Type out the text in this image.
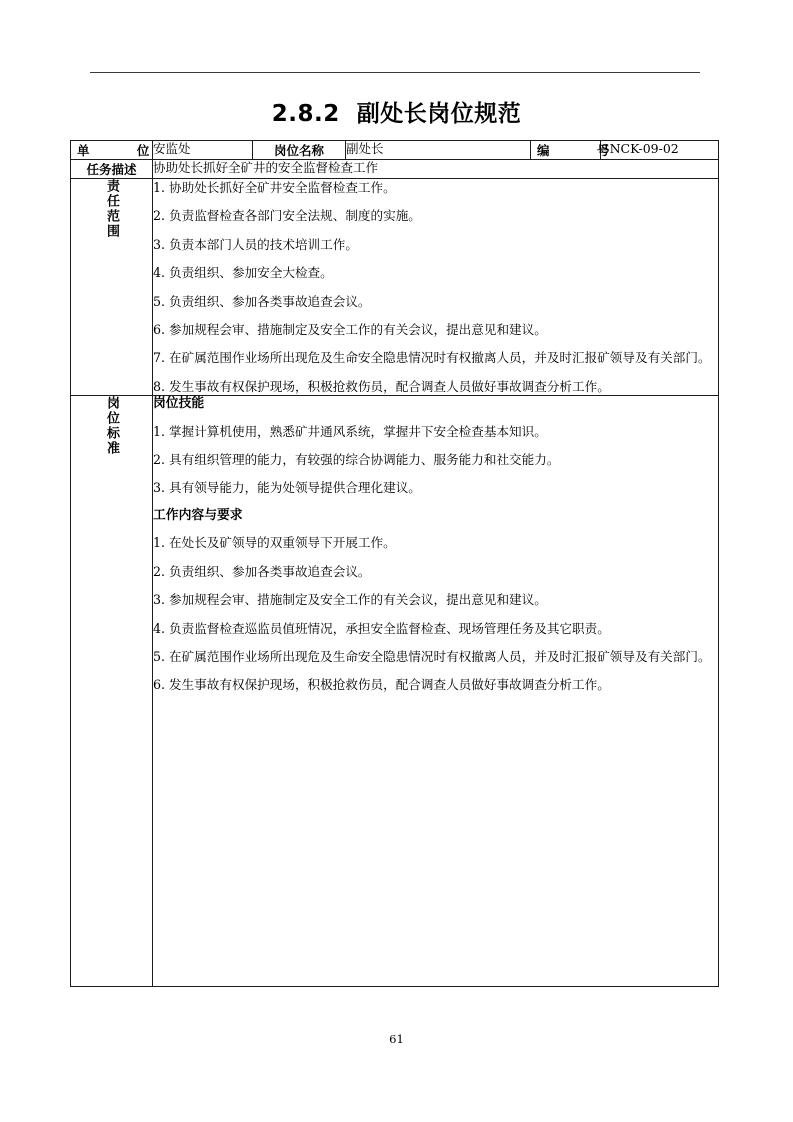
2.8.2  副处长岗位规范
单    位	安监处	岗位名称	副处长	编    号	SNCK-09-02
任务描述	协助处长抓好全矿井的安全监督检查工作				
责任范围	1. 协助处长抓好全矿井安全监督检查工作。

2. 负责监督检查各部门安全法规、制度的实施。

3. 负责本部门人员的技术培训工作。

4. 负责组织、参加安全大检查。

5. 负责组织、参加各类事故追查会议。

6. 参加规程会审、措施制定及安全工作的有关会议，提出意见和建议。

7. 在矿属范围作业场所出现危及生命安全隐患情况时有权撤离人员，并及时汇报矿领导及有关部门。

8. 发生事故有权保护现场，积极抢救伤员，配合调查人员做好事故调查分析工作。

岗位标准	岗位技能

1. 掌握计算机使用，熟悉矿井通风系统，掌握井下安全检查基本知识。

2. 具有组织管理的能力，有较强的综合协调能力、服务能力和社交能力。

3. 具有领导能力，能为处领导提供合理化建议。

工作内容与要求

1. 在处长及矿领导的双重领导下开展工作。

2. 负责组织、参加各类事故追查会议。

3. 参加规程会审、措施制定及安全工作的有关会议，提出意见和建议。

4. 负责监督检查巡监员值班情况，承担安全监督检查、现场管理任务及其它职责。

5. 在矿属范围作业场所出现危及生命安全隐患情况时有权撤离人员，并及时汇报矿领导及有关部门。

6. 发生事故有权保护现场，积极抢救伤员，配合调查人员做好事故调查分析工作。

61
